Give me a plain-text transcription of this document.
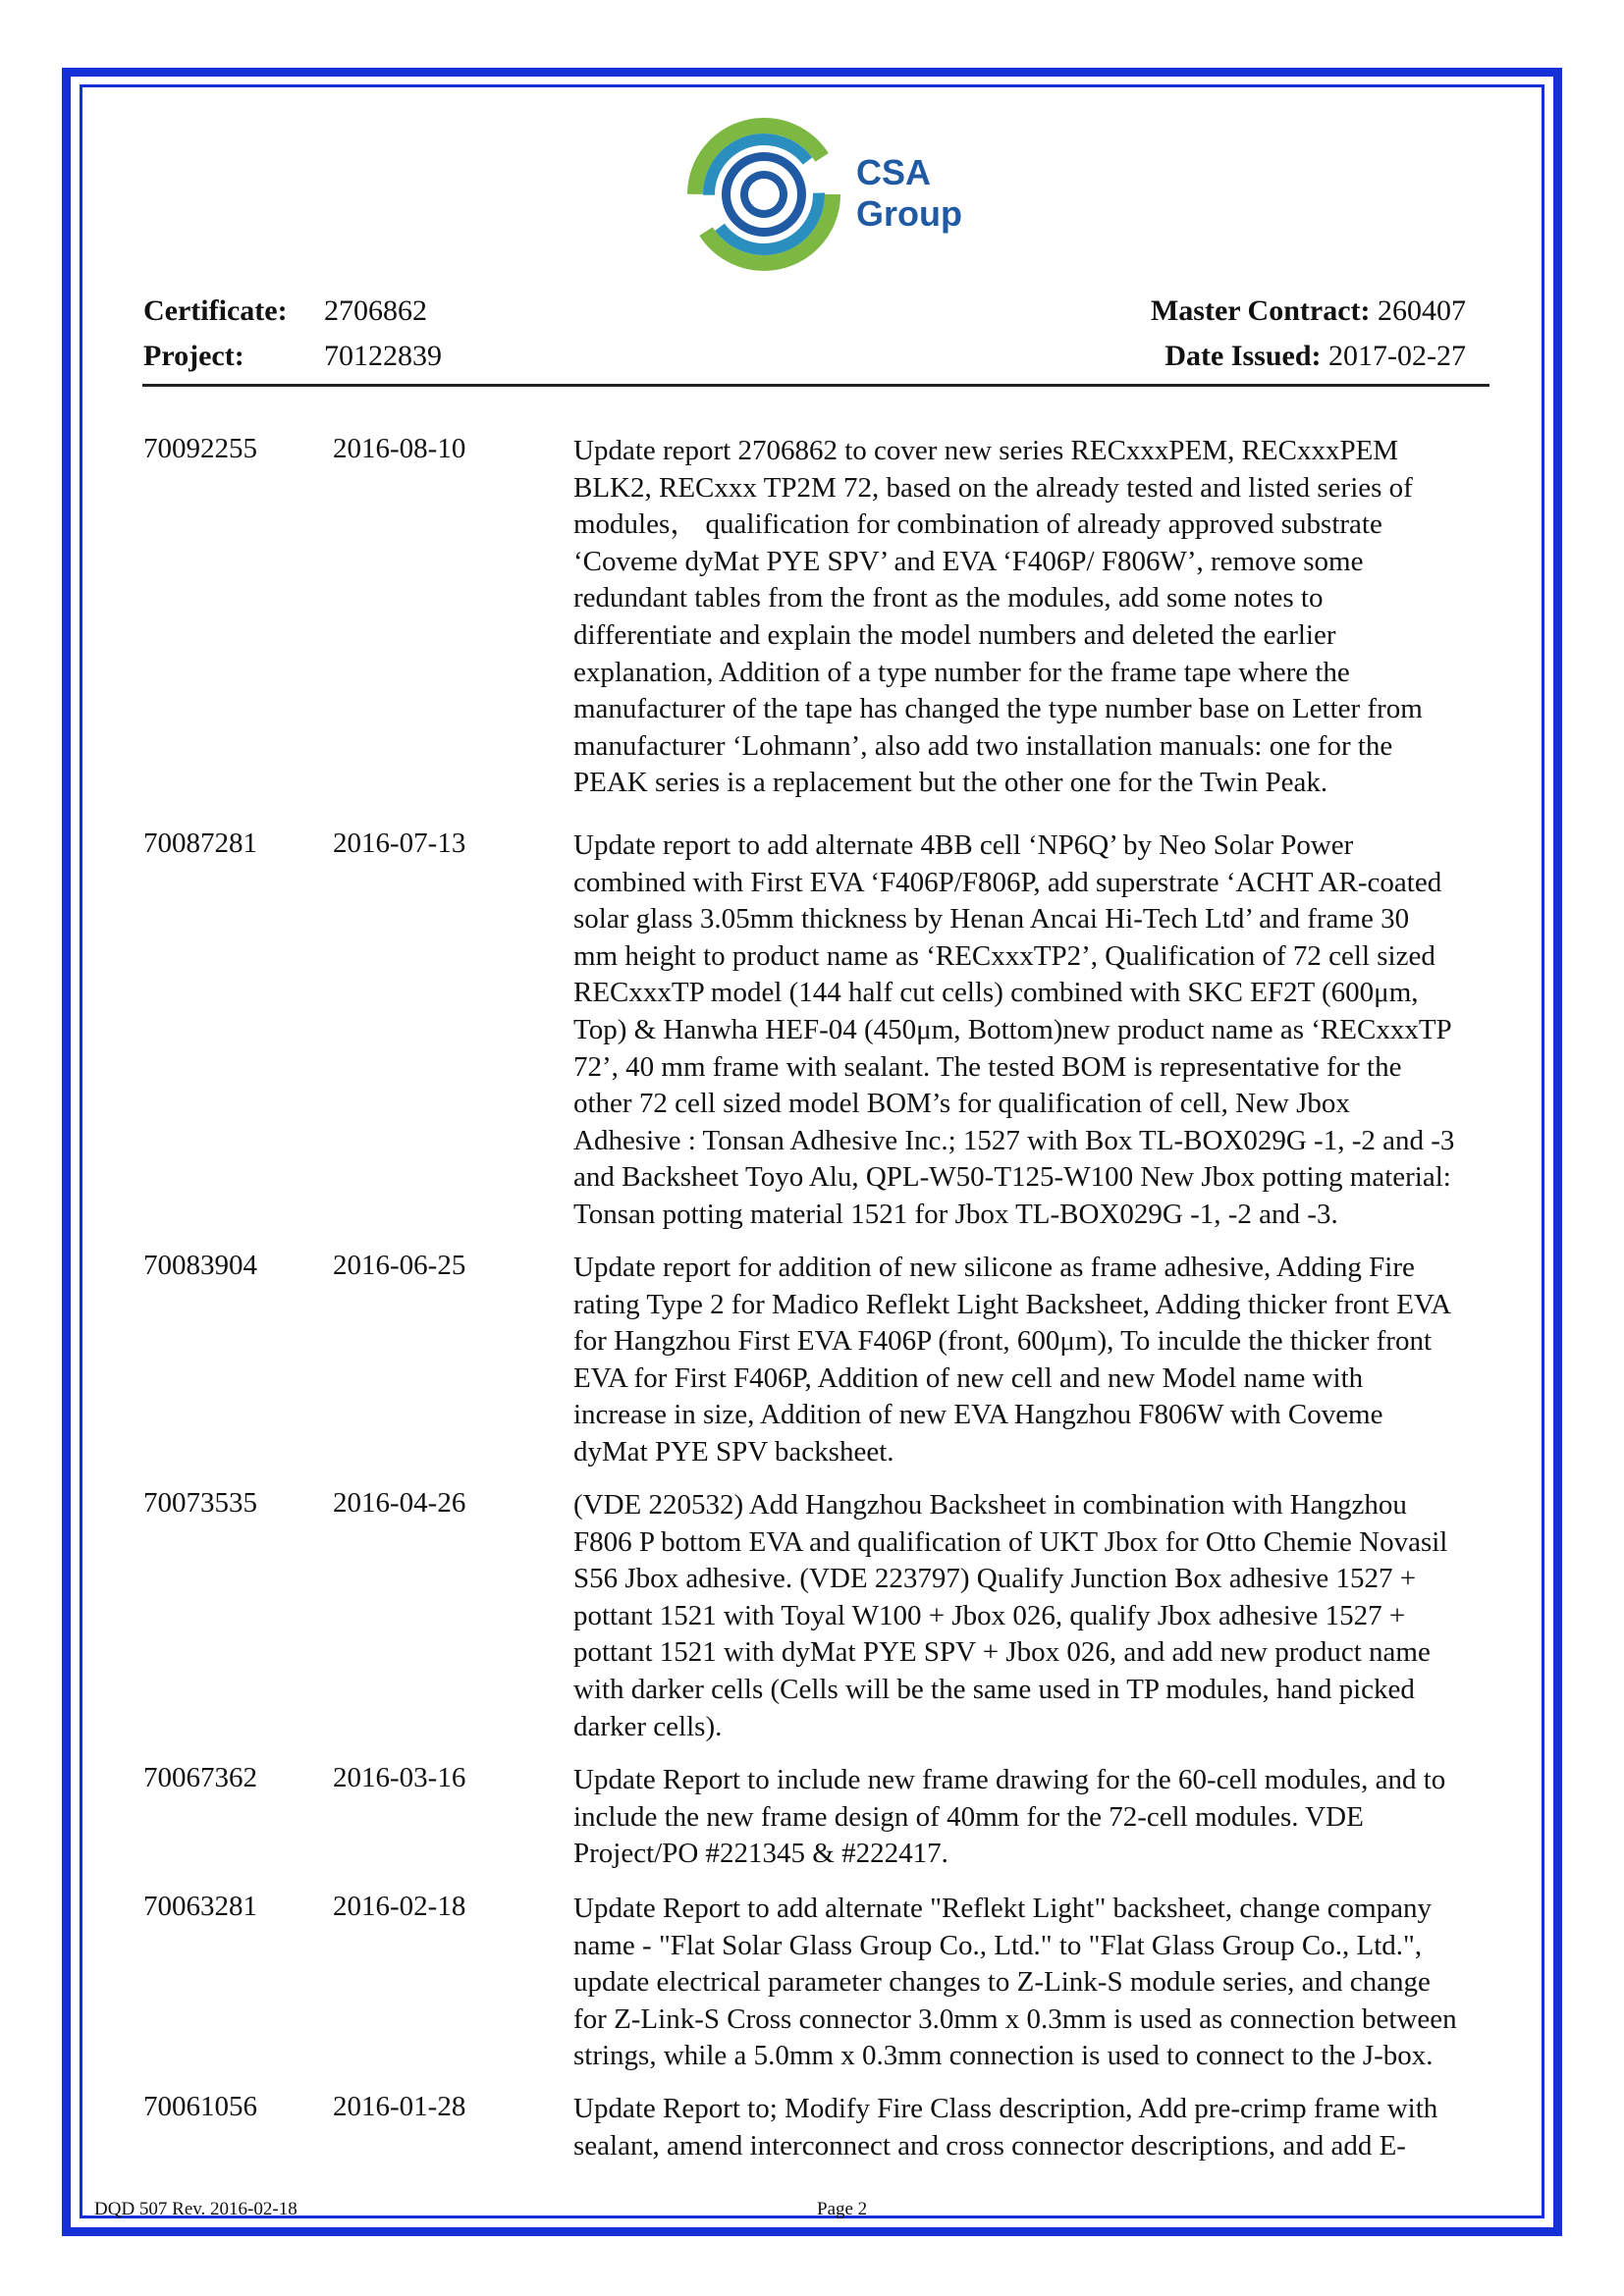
CSA
Group
Certificate: 2706862
Project:	70122839
Master Contract: 260407
Date Issued: 2017-02-27
70092255	2016-08-10	Update report 2706862 to cover new series RECxxxPEM, RECxxxPEM
BLK2, RECxxx TP2M 72, based on the already tested and listed series of
modules， qualification for combination of already approved substrate
‘Coveme dyMat PYE SPV’ and EVA ‘F406P/ F806W’, remove some
redundant tables from the front as the modules, add some notes to
differentiate and explain the model numbers and deleted the earlier
explanation, Addition of a type number for the frame tape where the
manufacturer of the tape has changed the type number base on Letter from
manufacturer ‘Lohmann’, also add two installation manuals: one for the
PEAK series is a replacement but the other one for the Twin Peak.
70087281	2016-07-13	Update report to add alternate 4BB cell ‘NP6Q’ by Neo Solar Power
combined with First EVA ‘F406P/F806P, add superstrate ‘ACHT AR-coated
solar glass 3.05mm thickness by Henan Ancai Hi-Tech Ltd’ and frame 30
mm height to product name as ‘RECxxxTP2’, Qualification of 72 cell sized
RECxxxTP model (144 half cut cells) combined with SKC EF2T (600μm,
Top) & Hanwha HEF-04 (450μm, Bottom)new product name as ‘RECxxxTP
72’, 40 mm frame with sealant. The tested BOM is representative for the
other 72 cell sized model BOM’s for qualification of cell, New Jbox
Adhesive : Tonsan Adhesive Inc.; 1527 with Box TL-BOX029G -1, -2 and -3
and Backsheet Toyo Alu, QPL-W50-T125-W100 New Jbox potting material:
Tonsan potting material 1521 for Jbox TL-BOX029G -1, -2 and -3.
70083904	2016-06-25	Update report for addition of new silicone as frame adhesive, Adding Fire
rating Type 2 for Madico Reflekt Light Backsheet, Adding thicker front EVA
for Hangzhou First EVA F406P (front, 600μm), To inculde the thicker front
EVA for First F406P, Addition of new cell and new Model name with
increase in size, Addition of new EVA Hangzhou F806W with Coveme
dyMat PYE SPV backsheet.
70073535	2016-04-26	(VDE 220532) Add Hangzhou Backsheet in combination with Hangzhou
F806 P bottom EVA and qualification of UKT Jbox for Otto Chemie Novasil
S56 Jbox adhesive. (VDE 223797) Qualify Junction Box adhesive 1527 +
pottant 1521 with Toyal W100 + Jbox 026, qualify Jbox adhesive 1527 +
pottant 1521 with dyMat PYE SPV + Jbox 026, and add new product name
with darker cells (Cells will be the same used in TP modules, hand picked
darker cells).
70067362	2016-03-16	Update Report to include new frame drawing for the 60-cell modules, and to
include the new frame design of 40mm for the 72-cell modules. VDE
Project/PO #221345 & #222417.
70063281	2016-02-18	Update Report to add alternate "Reflekt Light" backsheet, change company
name - "Flat Solar Glass Group Co., Ltd." to "Flat Glass Group Co., Ltd.",
update electrical parameter changes to Z-Link-S module series, and change
for Z-Link-S Cross connector 3.0mm x 0.3mm is used as connection between
strings, while a 5.0mm x 0.3mm connection is used to connect to the J-box.
70061056	2016-01-28	Update Report to; Modify Fire Class description, Add pre-crimp frame with
sealant, amend interconnect and cross connector descriptions, and add E-
DQD 507 Rev. 2016-02-18	Page 2
